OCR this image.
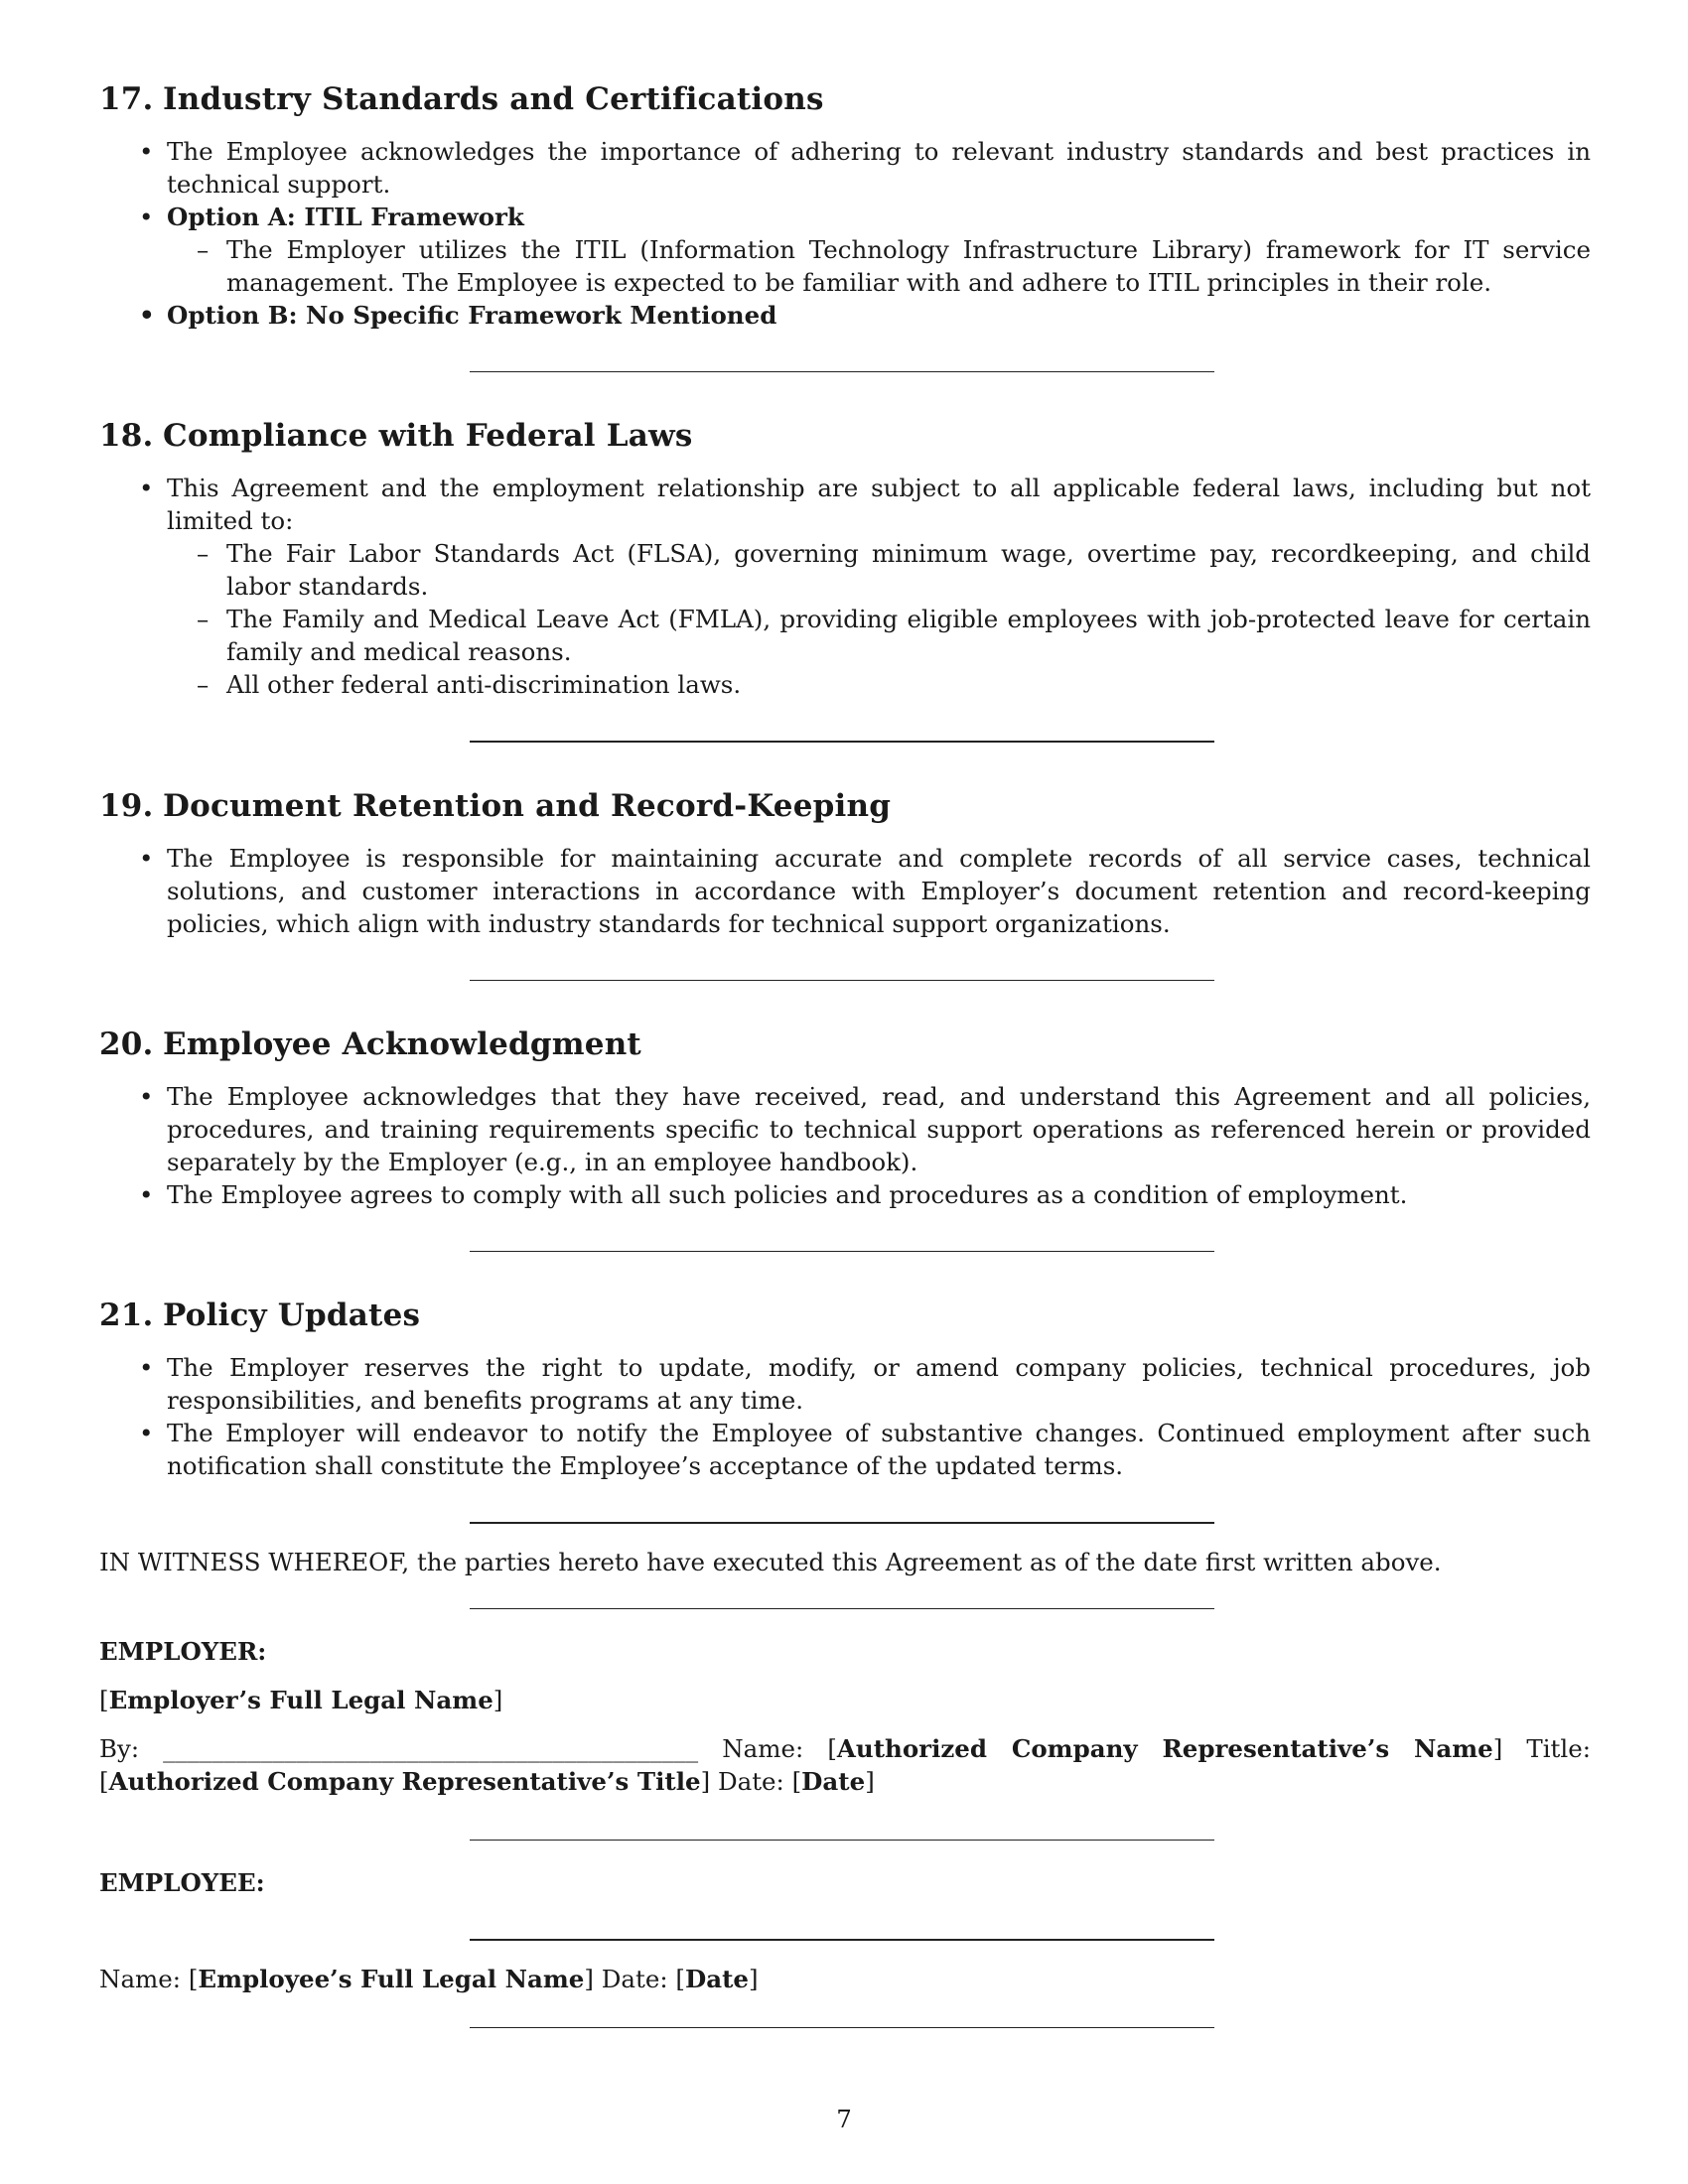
17. Industry Standards and Certifications
• The Employee acknowledges the importance of adhering to relevant industry standards and best practices in technical support.
• Option A: ITIL Framework
– The Employer utilizes the ITIL (Information Technology Infrastructure Library) framework for IT service management. The Employee is expected to be familiar with and adhere to ITIL principles in their role.
• Option B: No Specific Framework Mentioned
18. Compliance with Federal Laws
• This Agreement and the employment relationship are subject to all applicable federal laws, including but not limited to:
– The Fair Labor Standards Act (FLSA), governing minimum wage, overtime pay, recordkeeping, and child labor standards.
– The Family and Medical Leave Act (FMLA), providing eligible employees with job-protected leave for certain family and medical reasons.
– All other federal anti-discrimination laws.
19. Document Retention and Record-Keeping
• The Employee is responsible for maintaining accurate and complete records of all service cases, technical solutions, and customer interactions in accordance with Employer’s document retention and record-keeping policies, which align with industry standards for technical support organizations.
20. Employee Acknowledgment
• The Employee acknowledges that they have received, read, and understand this Agreement and all policies, procedures, and training requirements specific to technical support operations as referenced herein or provided separately by the Employer (e.g., in an employee handbook).
• The Employee agrees to comply with all such policies and procedures as a condition of employment.
21. Policy Updates
• The Employer reserves the right to update, modify, or amend company policies, technical procedures, job responsibilities, and benefits programs at any time.
• The Employer will endeavor to notify the Employee of substantive changes. Continued employment after such notification shall constitute the Employee’s acceptance of the updated terms.

IN WITNESS WHEREOF, the parties hereto have executed this Agreement as of the date first written above.

EMPLOYER:

[Employer’s Full Legal Name]

By: ____________________________________________ Name: [Authorized Company Representative’s Name] Title: [Authorized Company Representative’s Title] Date: [Date]

EMPLOYEE:

Name: [Employee’s Full Legal Name] Date: [Date]

7
